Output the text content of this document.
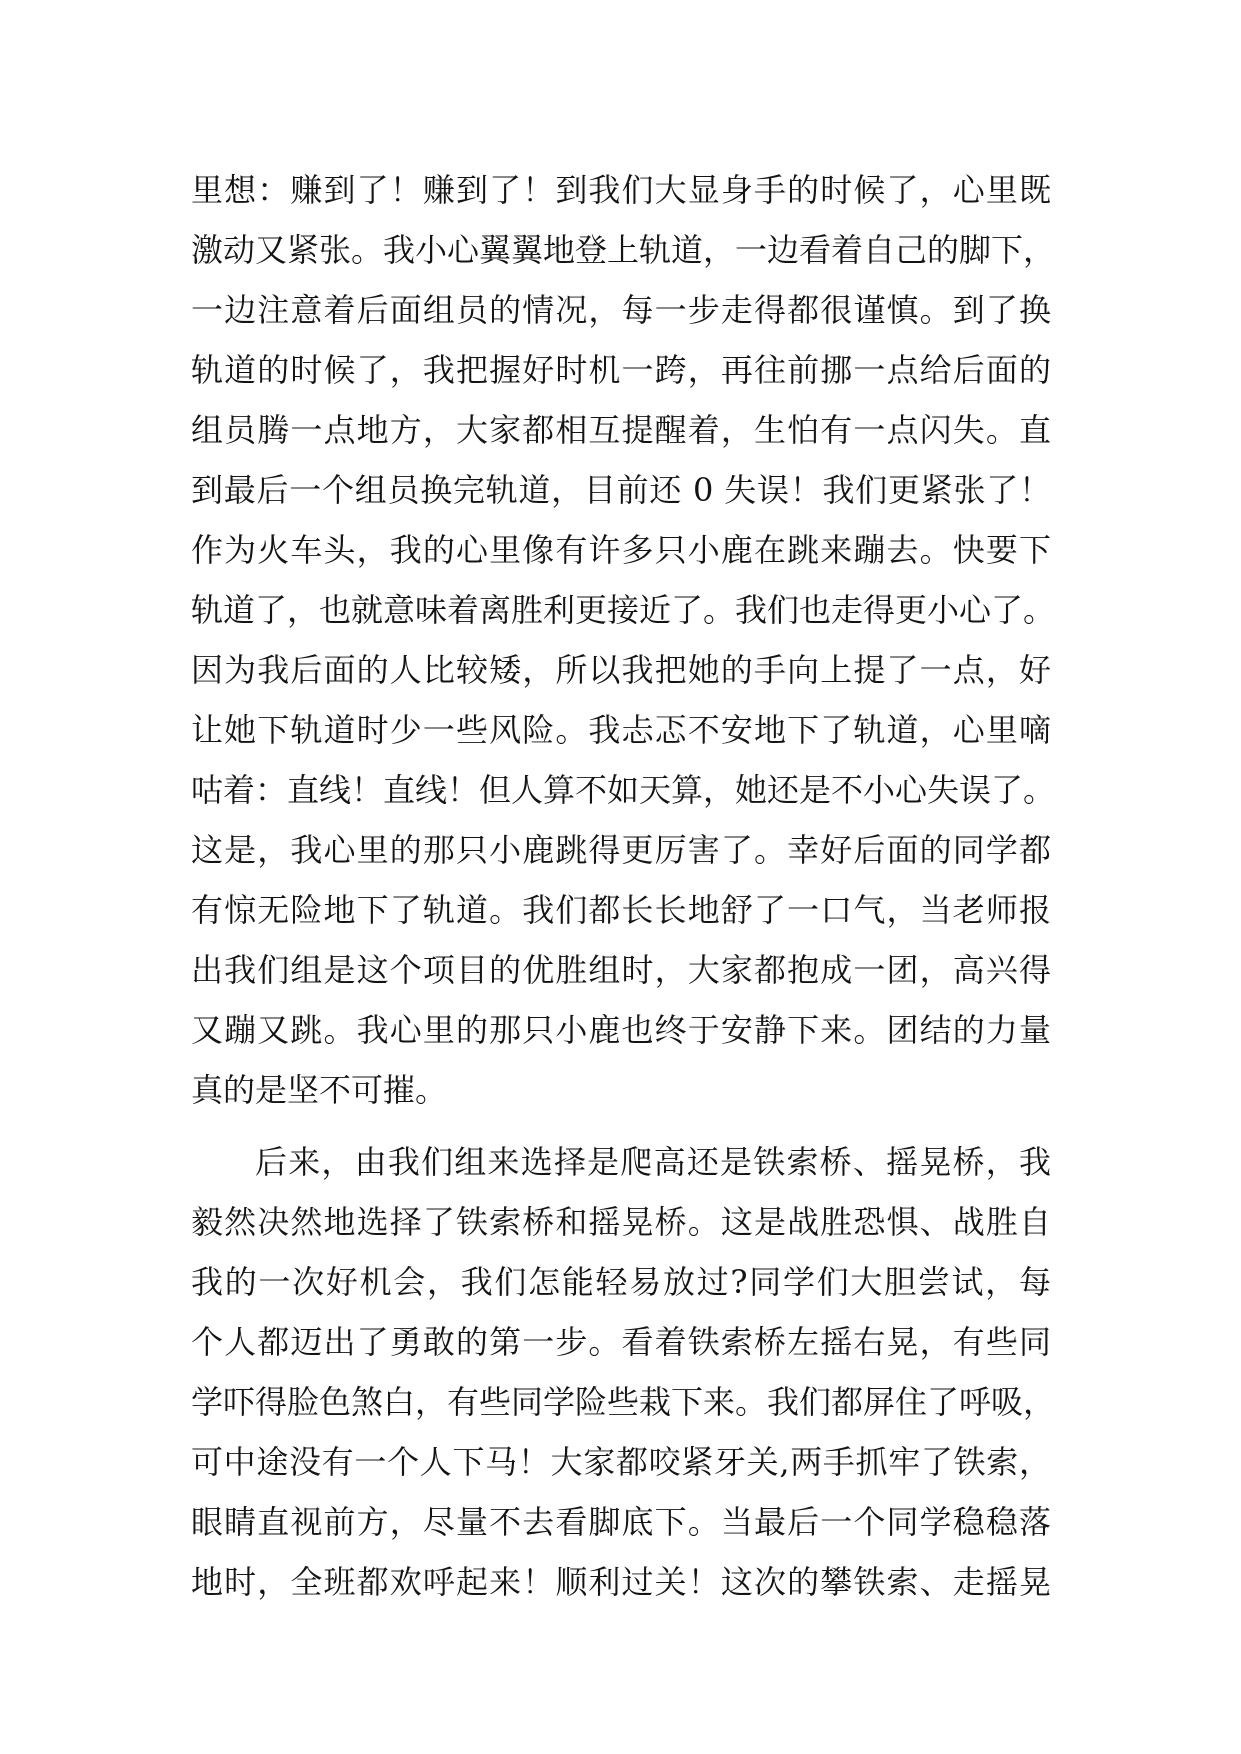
里想：赚到了！赚到了！到我们大显身手的时候了，心里既
激动又紧张。我小心翼翼地登上轨道，一边看着自己的脚下，
一边注意着后面组员的情况，每一步走得都很谨慎。到了换
轨道的时候了，我把握好时机一跨，再往前挪一点给后面的
组员腾一点地方，大家都相互提醒着，生怕有一点闪失。直
到最后一个组员换完轨道，目前还 0 失误！我们更紧张了！
作为火车头，我的心里像有许多只小鹿在跳来蹦去。快要下
轨道了，也就意味着离胜利更接近了。我们也走得更小心了。
因为我后面的人比较矮，所以我把她的手向上提了一点，好
让她下轨道时少一些风险。我忐忑不安地下了轨道，心里嘀
咕着：直线！直线！但人算不如天算，她还是不小心失误了。
这是，我心里的那只小鹿跳得更厉害了。幸好后面的同学都
有惊无险地下了轨道。我们都长长地舒了一口气，当老师报
出我们组是这个项目的优胜组时，大家都抱成一团，高兴得
又蹦又跳。我心里的那只小鹿也终于安静下来。团结的力量
真的是坚不可摧。
后来，由我们组来选择是爬高还是铁索桥、摇晃桥，我
毅然决然地选择了铁索桥和摇晃桥。这是战胜恐惧、战胜自
我的一次好机会，我们怎能轻易放过?同学们大胆尝试，每
个人都迈出了勇敢的第一步。看着铁索桥左摇右晃，有些同
学吓得脸色煞白，有些同学险些栽下来。我们都屏住了呼吸，
可中途没有一个人下马！大家都咬紧牙关,两手抓牢了铁索，
眼睛直视前方，尽量不去看脚底下。当最后一个同学稳稳落
地时，全班都欢呼起来！顺利过关！这次的攀铁索、走摇晃
